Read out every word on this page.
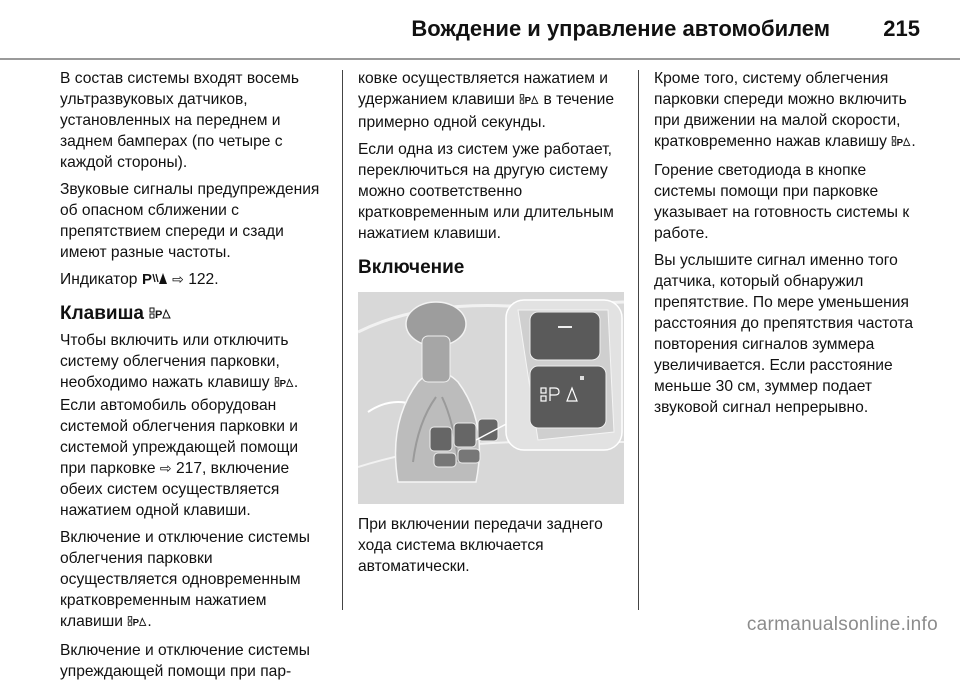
Вождение и управление автомобилем 215

В состав системы входят восемь ультразвуковых датчиков, установленных на переднем и заднем бамперах (по четыре с каждой стороны).

Звуковые сигналы предупреждения об опасном сближении с препятствием спереди и сзади имеют разные частоты.

Индикатор P ⇨ 122.

Клавиша P

Чтобы включить или отключить систему облегчения парковки, необходимо нажать клавишу P . Если автомобиль оборудован системой облегчения парковки и системой упреждающей помощи при парковке ⇨ 217, включение обеих систем осуществляется нажатием одной клавиши.

Включение и отключение системы облегчения парковки осуществляется одновременным кратковременным нажатием клавиши P .

Включение и отключение системы упреждающей помощи при пар-

ковке осуществляется нажатием и удержанием клавиши P в течение примерно одной секунды.

Если одна из систем уже работает, переключиться на другую систему можно соответственно кратковременным или длительным нажатием клавиши.

Включение

При включении передачи заднего хода система включается автоматически.

Кроме того, систему облегчения парковки спереди можно включить при движении на малой скорости, кратковременно нажав клавишу P .

Горение светодиода в кнопке системы помощи при парковке указывает на готовность системы к работе.

Вы услышите сигнал именно того датчика, который обнаружил препятствие. По мере уменьшения расстояния до препятствия частота повторения сигналов зуммера увеличивается. Если расстояние меньше 30 см, зуммер подает звуковой сигнал непрерывно.

carmanualsonline.info
